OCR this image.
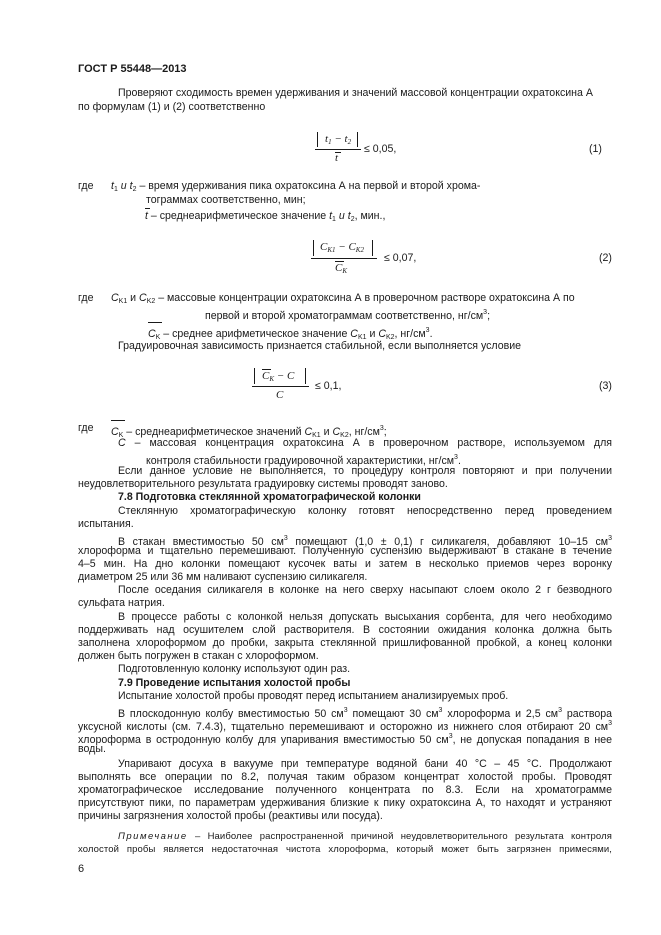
ГОСТ Р 55448—2013
Проверяют сходимость времен удерживания и значений массовой концентрации охратоксина А
по формулам (1) и (2) соответственно
$t_1 - t_2$
t
≤ 0,05,	(1)
где $t_1$ и $t_2$ – время удерживания пика охратоксина А на первой и второй хрома-
тограммах соответственно, мин;
t – среднеарифметическое значение $t_1$ и $t_2$, мин.,
$C_{K1} - C_{K2}$
$C_K$
≤ 0,07,	(2)
где $C_{K1}$ и $C_{K2}$ – массовые концентрации охратоксина А в проверочном растворе охратоксина А по
первой и второй хроматограммам соответственно, $нг/см^3$;
$C_K$ – среднее арифметическое значение $C_{K1}$ и $C_{K2}$, $нг/см^3$.
Градуировочная зависимость признается стабильной, если выполняется условие
$C_K - C$
C
≤ 0,1,	(3)
где $C_K$ – среднеарифметическое значений $C_{K1}$ и $C_{K2}$, $нг/см^3$;
C – массовая концентрация охратоксина А в проверочном растворе, используемом для
контроля стабильности градуировочной характеристики, $нг/см^3$.
Если данное условие не выполняется, то процедуру контроля повторяют и при получении
неудовлетворительного результата градуировку системы проводят заново.
7.8 Подготовка стеклянной хроматографической колонки
Стеклянную хроматографическую колонку готовят непосредственно перед проведением
испытания.
В стакан вместимостью 50 $см^3$ помещают (1,0 ± 0,1) г силикагеля, добавляют 10–15 $см^3$
хлороформа и тщательно перемешивают. Полученную суспензию выдерживают в стакане в течение
4–5 мин. На дно колонки помещают кусочек ваты и затем в несколько приемов через воронку
диаметром 25 или 36 мм наливают суспензию силикагеля.
После оседания силикагеля в колонке на него сверху насыпают слоем около 2 г безводного
сульфата натрия.
В процессе работы с колонкой нельзя допускать высыхания сорбента, для чего необходимо
поддерживать над осушителем слой растворителя. В состоянии ожидания колонка должна быть
заполнена хлороформом до пробки, закрыта стеклянной пришлифованной пробкой, а конец колонки
должен быть погружен в стакан с хлороформом.
Подготовленную колонку используют один раз.
7.9 Проведение испытания холостой пробы
Испытание холостой пробы проводят перед испытанием анализируемых проб.
В плоскодонную колбу вместимостью 50 $см^3$ помещают 30 $см^3$ хлороформа и 2,5 $см^3$ раствора
уксусной кислоты (см. 7.4.3), тщательно перемешивают и осторожно из нижнего слоя отбирают 20 $см^3$
хлороформа в остродонную колбу для упаривания вместимостью 50 $см^3$, не допуская попадания в нее
воды.
Упаривают досуха в вакууме при температуре водяной бани 40 °C – 45 °C. Продолжают
выполнять все операции по 8.2, получая таким образом концентрат холостой пробы. Проводят
хроматографическое исследование полученного концентрата по 8.3. Если на хроматограмме
присутствуют пики, по параметрам удерживания близкие к пику охратоксина А, то находят и устраняют
причины загрязнения холостой пробы (реактивы или посуда).
Примечание – Наиболее распространенной причиной неудовлетворительного результата контроля
холостой пробы является недостаточная чистота хлороформа, который может быть загрязнен примесями,
6
